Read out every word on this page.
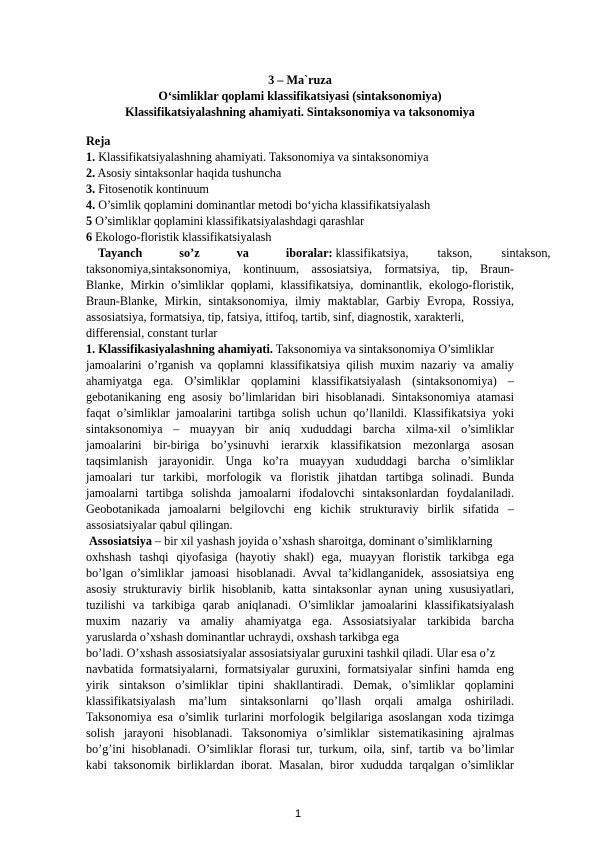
3 – Ma`ruza
O‘simliklar qoplami klassifikatsiyasi (sintaksonomiya)
Klassifikatsiyalashning ahamiyati. Sintaksonomiya va taksonomiya
Reja
1. Klassifikatsiyalashning ahamiyati. Taksonomiya va sintaksonomiya
2. Asosiy sintaksonlar haqida tushuncha
3. Fitosenotik kontinuum
4. O’simlik qoplamini dominantlar metodi bo‘yicha klassifikatsiyalash
5 O’simliklar qoplamini klassifikatsiyalashdagi qarashlar
6 Ekologo-floristik klassifikatsiyalash
Tayanch so’z va iboralar: klassifikatsiya, takson, sintakson,
taksonomiya,sintaksonomiya, kontinuum, assosiatsiya, formatsiya, tip, Braun-
Blanke, Mirkin o’simliklar qoplami, klassifikatsiya, dominantlik, ekologo-floristik,
Braun-Blanke, Mirkin, sintaksonomiya, ilmiy maktablar, Garbiy Evropa, Rossiya,
assosiatsiya, formatsiya, tip, fatsiya, ittifoq, tartib, sinf, diagnostik, xarakterli,
differensial, constant turlar
1. Klassifikasiyalashning ahamiyati. Taksonomiya va sintaksonomiya O’simliklar
jamoalarini o’rganish va qoplamni klassifikatsiya qilish muxim nazariy va amaliy
ahamiyatga ega. O’simliklar qoplamini klassifikatsiyalash (sintaksonomiya) –
gebotanikaning eng asosiy bo’limlaridan biri hisoblanadi. Sintaksonomiya atamasi
faqat o’simliklar jamoalarini tartibga solish uchun qo’llanildi. Klassifikatsiya yoki
sintaksonomiya – muayyan bir aniq xududdagi barcha xilma-xil o’simliklar
jamoalarini bir-biriga bo’ysinuvhi ierarxik klassifikatsion mezonlarga asosan
taqsimlanish jarayonidir. Unga ko’ra muayyan xududdagi barcha o’simliklar
jamoalari tur tarkibi, morfologik va floristik jihatdan tartibga solinadi. Bunda
jamoalarni tartibga solishda jamoalarni ifodalovchi sintaksonlardan foydalaniladi.
Geobotanikada jamoalarni belgilovchi eng kichik strukturaviy birlik sifatida –
assosiatsiyalar qabul qilingan.
Assosiatsiya – bir xil yashash joyida o’xshash sharoitga, dominant o’simliklarning
oxhshash tashqi qiyofasiga (hayotiy shakl) ega, muayyan floristik tarkibga ega
bo’lgan o’simliklar jamoasi hisoblanadi. Avval ta’kidlanganidek, assosiatsiya eng
asosiy strukturaviy birlik hisoblanib, katta sintaksonlar aynan uning xususiyatlari,
tuzilishi va tarkibiga qarab aniqlanadi. O’simliklar jamoalarini klassifikatsiyalash
muxim nazariy va amaliy ahamiyatga ega. Assosiatsiyalar tarkibida barcha
yaruslarda o’xshash dominantlar uchraydi, oxshash tarkibga ega
bo’ladi. O’xshash assosiatsiyalar assosiatsiyalar guruxini tashkil qiladi. Ular esa o’z
navbatida formatsiyalarni, formatsiyalar guruxini, formatsiyalar sinfini hamda eng
yirik sintakson o’simliklar tipini shakllantiradi. Demak, o’simliklar qoplamini
klassifikatsiyalash ma’lum sintaksonlarni qo’llash orqali amalga oshiriladi.
Taksonomiya esa o’simlik turlarini morfologik belgilariga asoslangan xoda tizimga
solish jarayoni hisoblanadi. Taksonomiya o’simliklar sistematikasining ajralmas
bo’g’ini hisoblanadi. O’simliklar florasi tur, turkum, oila, sinf, tartib va bo’limlar
kabi taksonomik birliklardan iborat. Masalan, biror xududda tarqalgan o’simliklar
1
